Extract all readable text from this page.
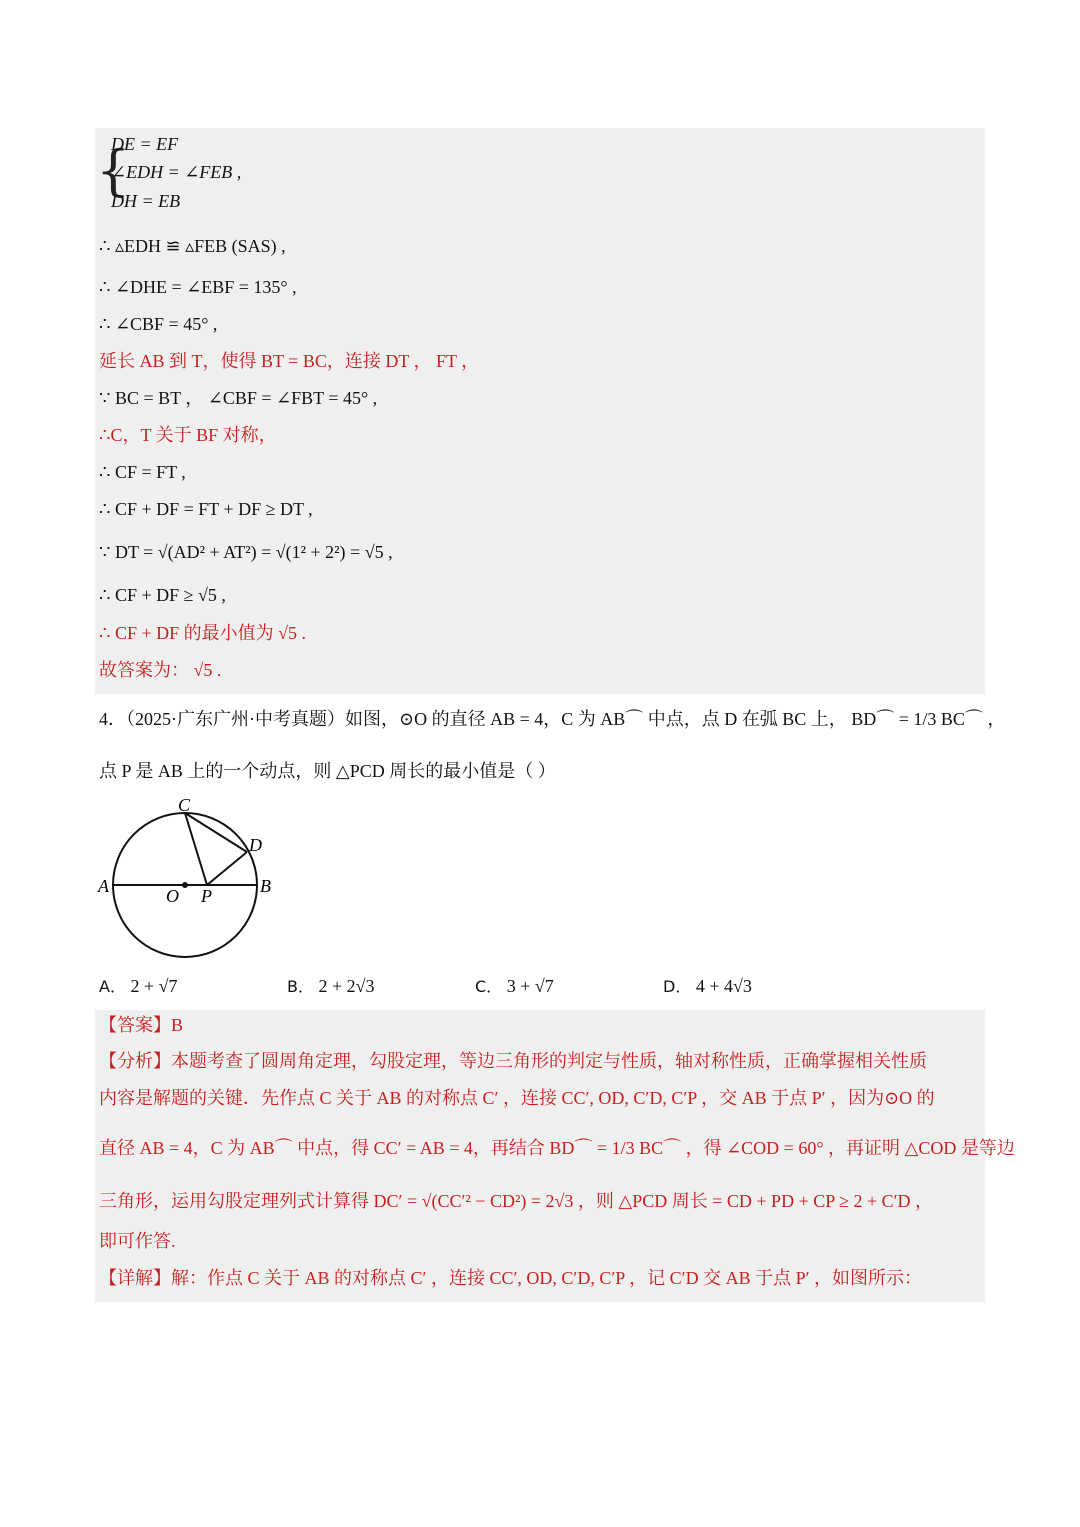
{
DE = EF
∠EDH = ∠FEB ,
DH = EB
∴ ▵EDH ≌ ▵FEB (SAS) ,
∴ ∠DHE = ∠EBF = 135° ,
∴ ∠CBF = 45° ,
延长 AB 到 T，使得 BT = BC，连接 DT ， FT ，
∵ BC = BT ， ∠CBF = ∠FBT = 45° ,
∴C，T 关于 BF 对称，
∴ CF = FT ,
∴ CF + DF = FT + DF ≥ DT ,
∵ DT = √(AD² + AT²) = √(1² + 2²) = √5 ,
∴ CF + DF ≥ √5 ,
∴ CF + DF 的最小值为 √5 .
故答案为： √5 .
4．（2025·广东广州·中考真题）如图，⊙O 的直径 AB = 4，C 为 AB⌒ 中点，点 D 在弧 BC 上， BD⌒ = 1/3 BC⌒ ，
点 P 是 AB 上的一个动点，则 △PCD 周长的最小值是（ ）
A	B
C
D
O P
A． 2 + √7	B． 2 + 2√3	C． 3 + √7	D． 4 + 4√3
【答案】B
【分析】本题考查了圆周角定理，勾股定理，等边三角形的判定与性质，轴对称性质，正确掌握相关性质
内容是解题的关键．先作点 C 关于 AB 的对称点 C′ ，连接 CC′, OD, C′D, C′P ，交 AB 于点 P′ ，因为⊙O 的
直径 AB = 4，C 为 AB⌒ 中点，得 CC′ = AB = 4，再结合 BD⌒ = 1/3 BC⌒ ，得 ∠COD = 60° ，再证明 △COD 是等边
三角形，运用勾股定理列式计算得 DC′ = √(CC′² − CD²) = 2√3 ，则 △PCD 周长 = CD + PD + CP ≥ 2 + C′D ，
即可作答.
【详解】解：作点 C 关于 AB 的对称点 C′ ，连接 CC′, OD, C′D, C′P ，记 C′D 交 AB 于点 P′ ，如图所示：
